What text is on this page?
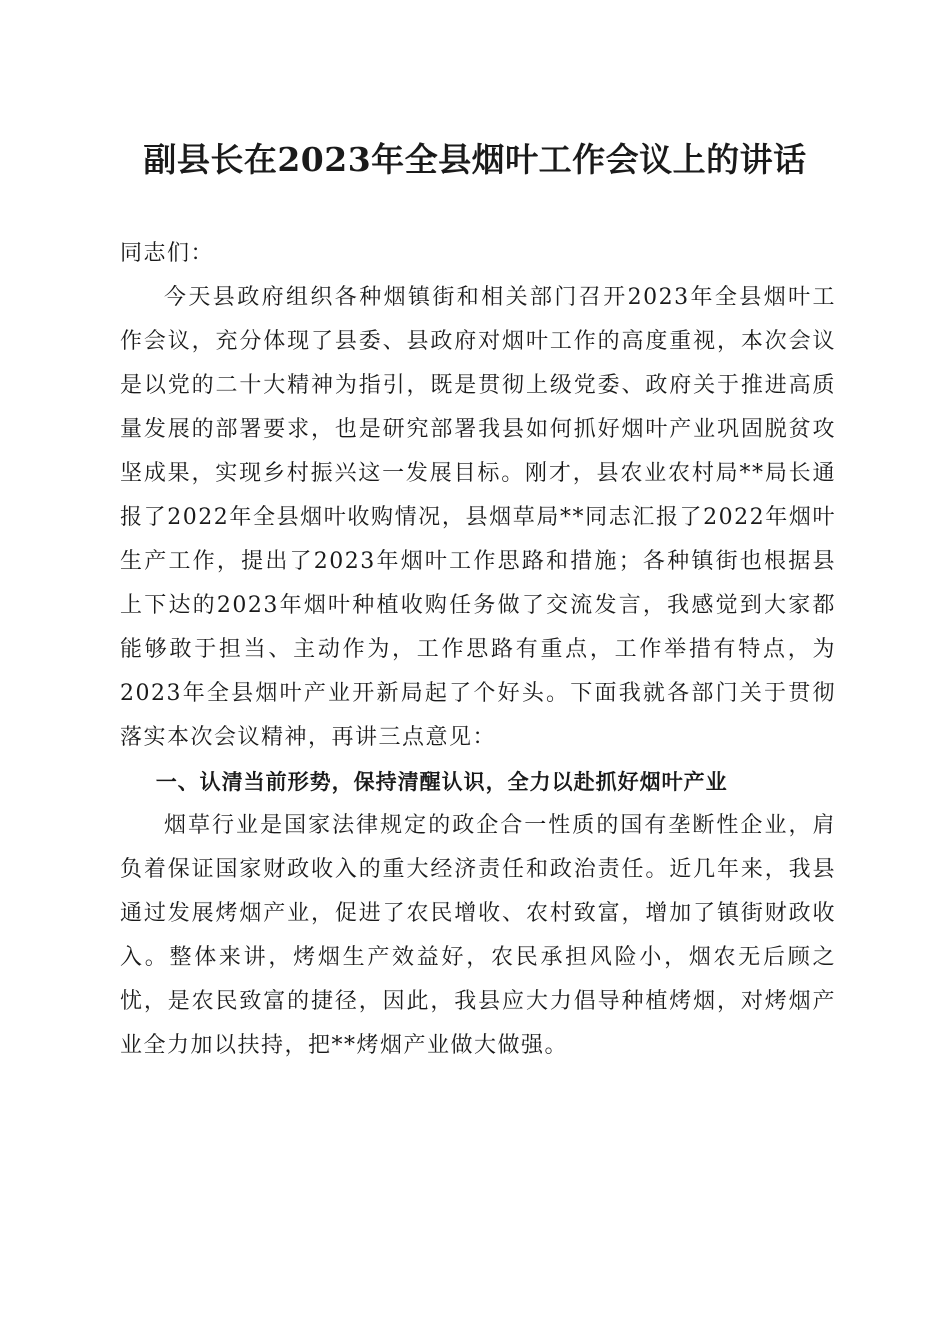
副县长在2023年全县烟叶工作会议上的讲话

同志们：

今天县政府组织各种烟镇街和相关部门召开2023年全县烟叶工作会议，充分体现了县委、县政府对烟叶工作的高度重视，本次会议是以党的二十大精神为指引，既是贯彻上级党委、政府关于推进高质量发展的部署要求，也是研究部署我县如何抓好烟叶产业巩固脱贫攻坚成果，实现乡村振兴这一发展目标。刚才，县农业农村局**局长通报了2022年全县烟叶收购情况，县烟草局**同志汇报了2022年烟叶生产工作，提出了2023年烟叶工作思路和措施；各种镇街也根据县上下达的2023年烟叶种植收购任务做了交流发言，我感觉到大家都能够敢于担当、主动作为，工作思路有重点，工作举措有特点，为2023年全县烟叶产业开新局起了个好头。下面我就各部门关于贯彻落实本次会议精神，再讲三点意见：

一、认清当前形势，保持清醒认识，全力以赴抓好烟叶产业

烟草行业是国家法律规定的政企合一性质的国有垄断性企业，肩负着保证国家财政收入的重大经济责任和政治责任。近几年来，我县通过发展烤烟产业，促进了农民增收、农村致富，增加了镇街财政收入。整体来讲，烤烟生产效益好，农民承担风险小，烟农无后顾之忧，是农民致富的捷径，因此，我县应大力倡导种植烤烟，对烤烟产业全力加以扶持，把**烤烟产业做大做强。
